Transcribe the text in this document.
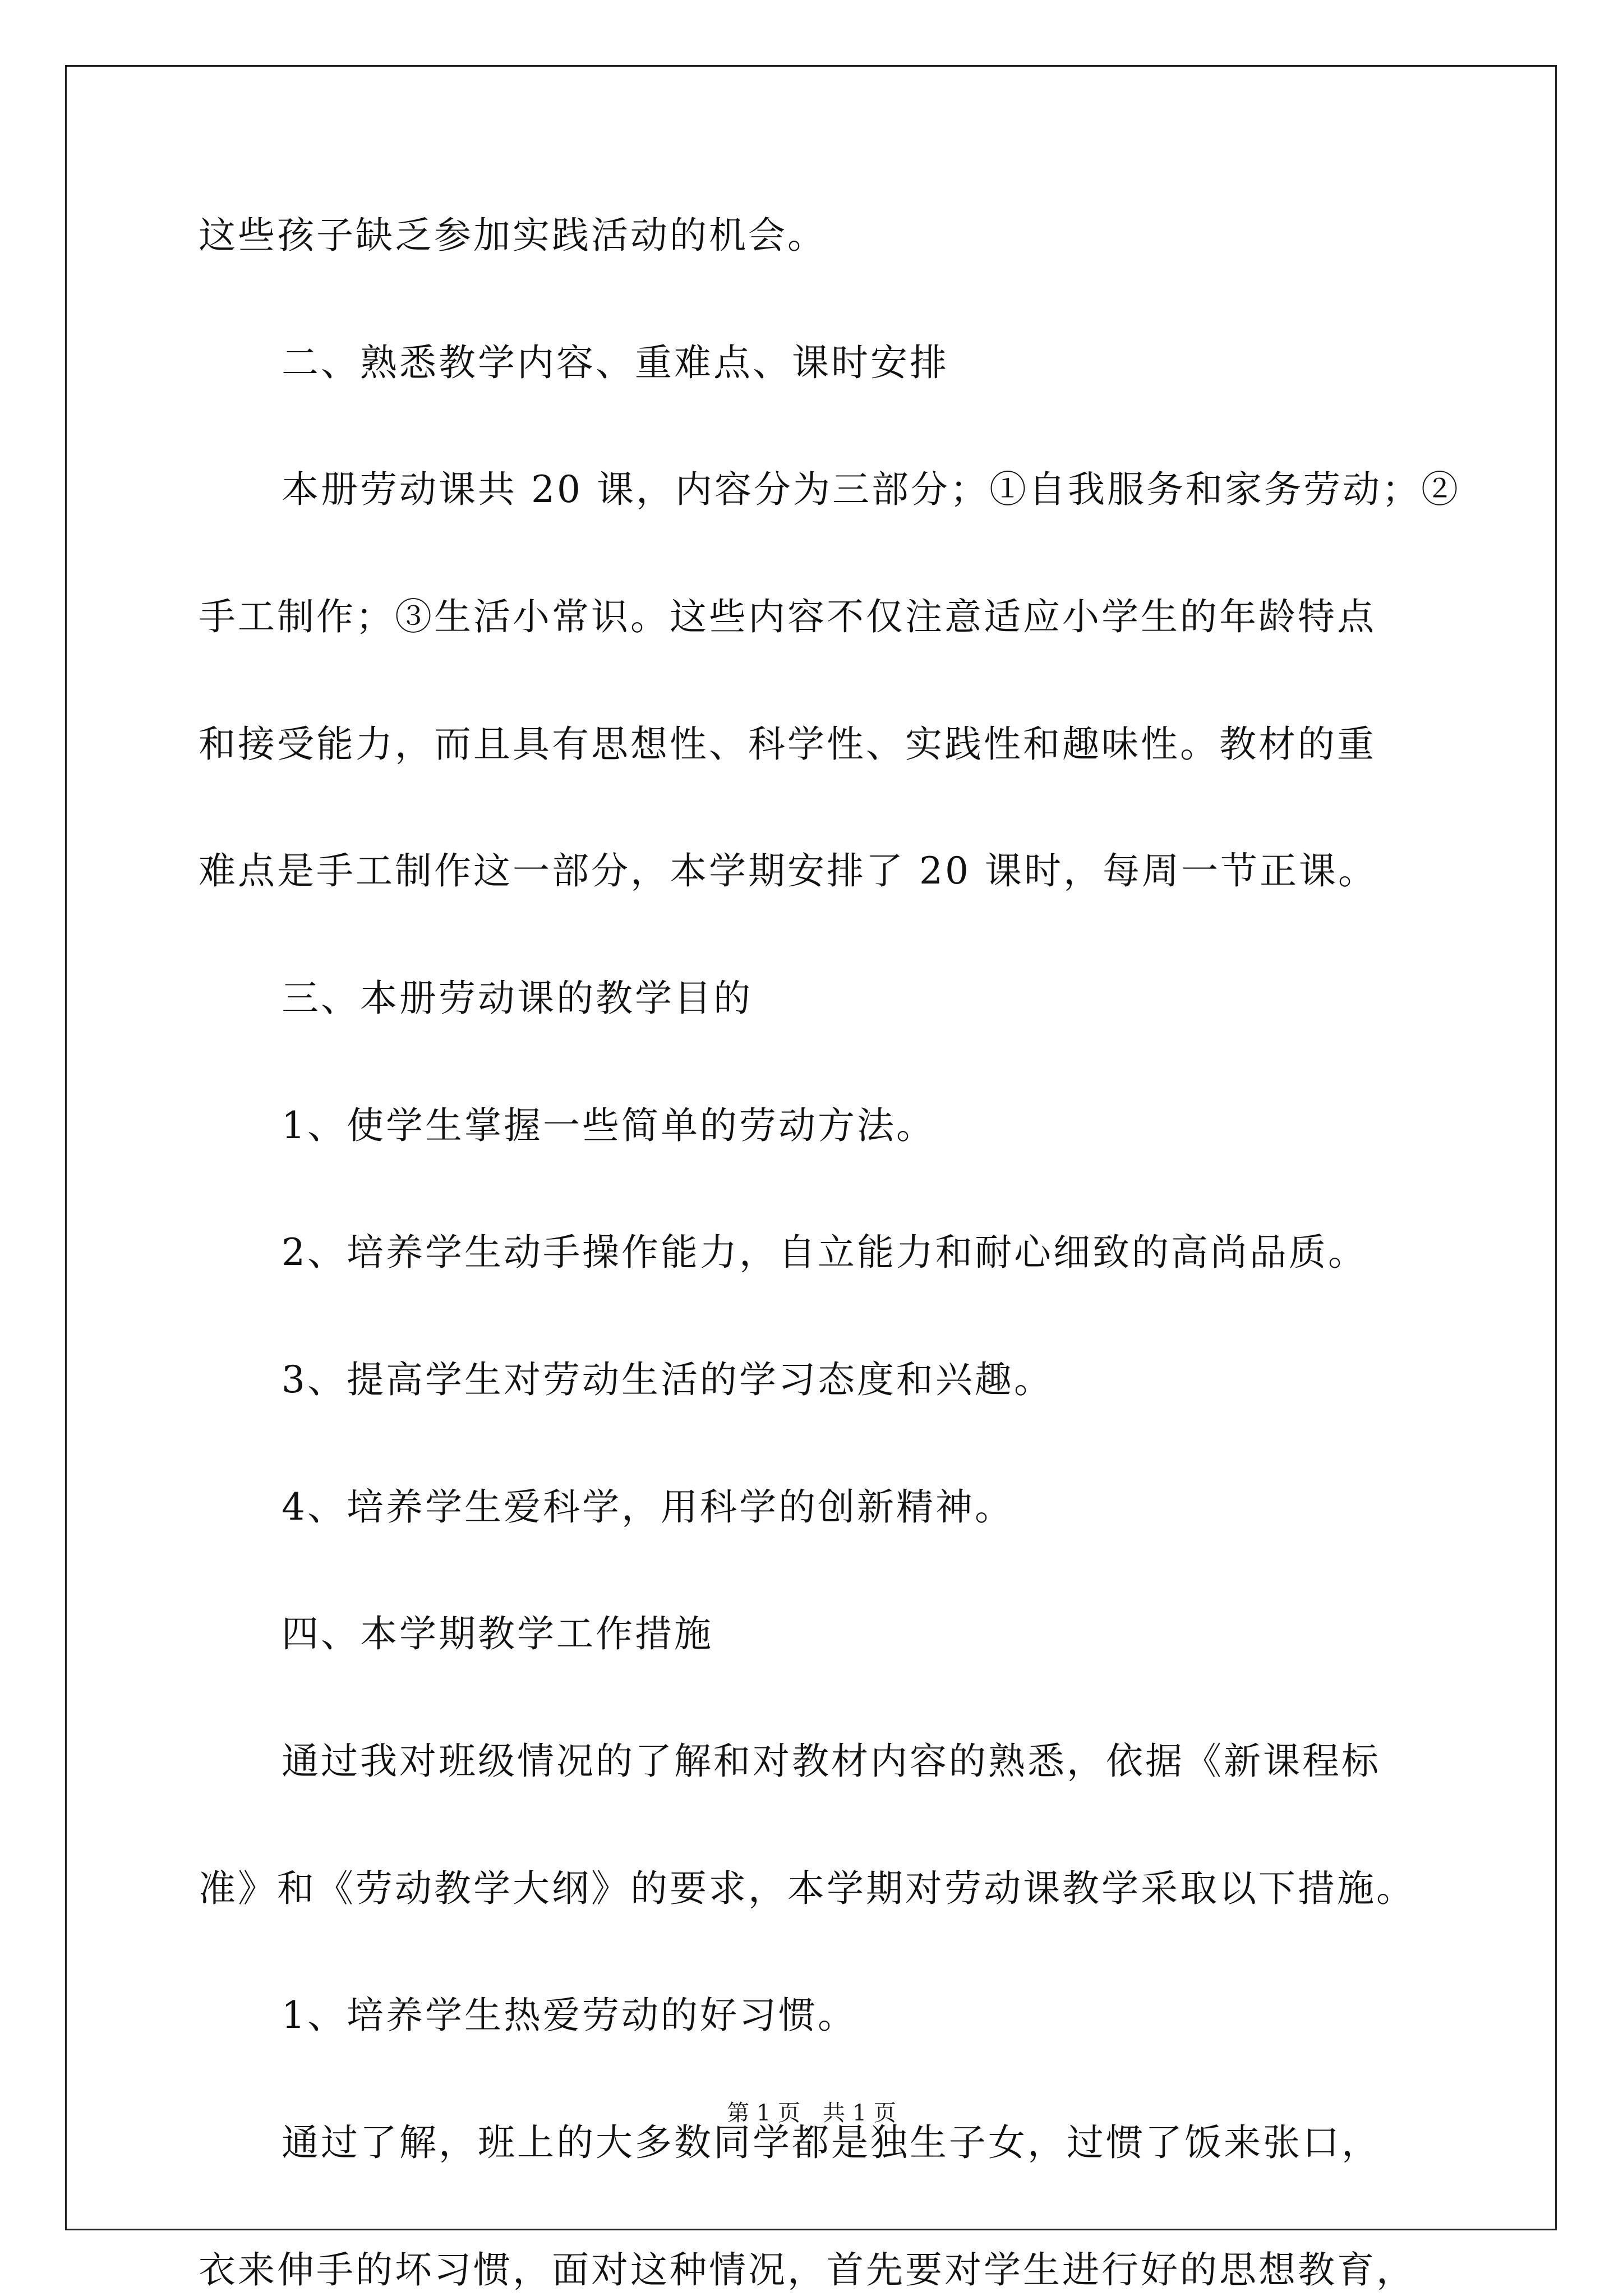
这些孩子缺乏参加实践活动的机会。
二、熟悉教学内容、重难点、课时安排
本册劳动课共 20 课，内容分为三部分；①自我服务和家务劳动；②
手工制作；③生活小常识。这些内容不仅注意适应小学生的年龄特点
和接受能力，而且具有思想性、科学性、实践性和趣味性。教材的重
难点是手工制作这一部分，本学期安排了 20 课时，每周一节正课。
三、本册劳动课的教学目的
1、使学生掌握一些简单的劳动方法。
2、培养学生动手操作能力，自立能力和耐心细致的高尚品质。
3、提高学生对劳动生活的学习态度和兴趣。
4、培养学生爱科学，用科学的创新精神。
四、本学期教学工作措施
通过我对班级情况的了解和对教材内容的熟悉，依据《新课程标
准》和《劳动教学大纲》的要求，本学期对劳动课教学采取以下措施。
1、培养学生热爱劳动的好习惯。
通过了解，班上的大多数同学都是独生子女，过惯了饭来张口，
衣来伸手的坏习惯，面对这种情况，首先要对学生进行好的思想教育，
第 1 页　共 1 页
